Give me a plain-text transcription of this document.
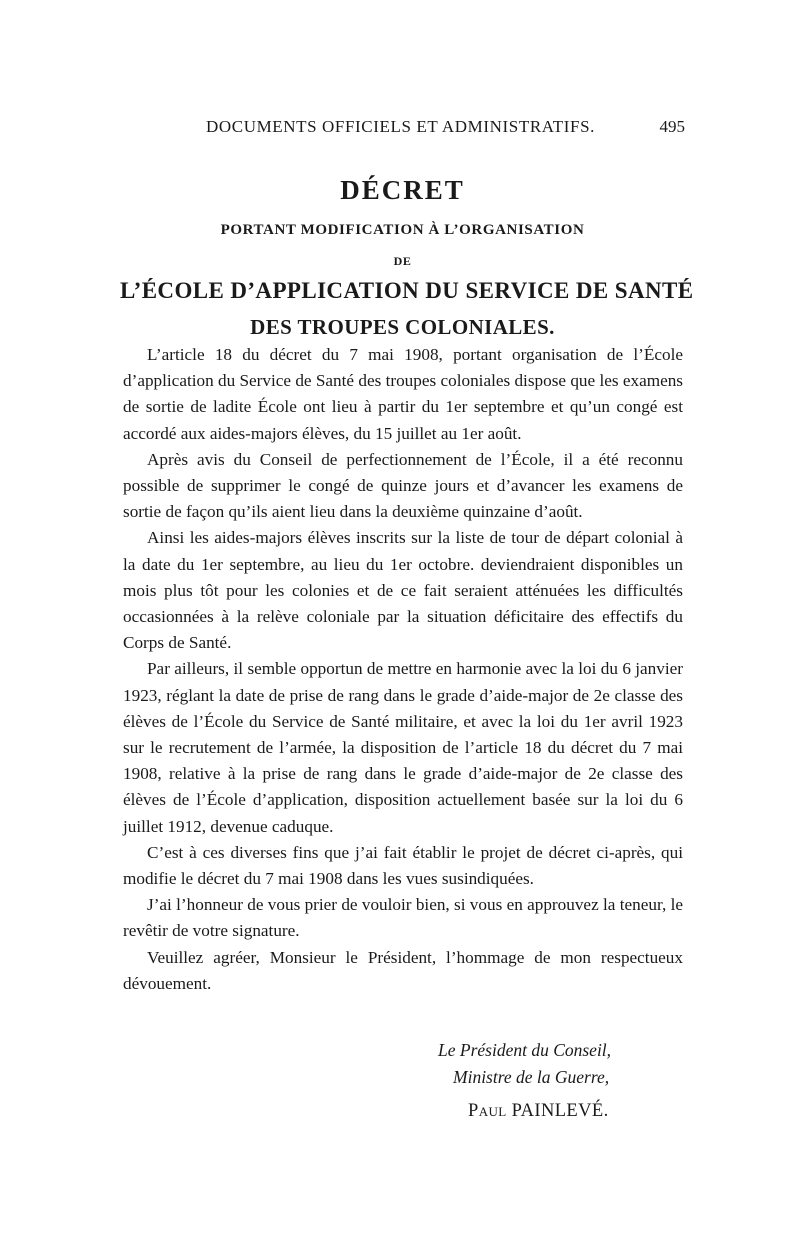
DOCUMENTS OFFICIELS ET ADMINISTRATIFS.	495
DÉCRET
PORTANT MODIFICATION À L’ORGANISATION
DE
L’ÉCOLE D’APPLICATION DU SERVICE DE SANTÉ
DES TROUPES COLONIALES.

L’article 18 du décret du 7 mai 1908, portant organisation de l’École d’application du Service de Santé des troupes coloniales dispose que les examens de sortie de ladite École ont lieu à partir du 1er septembre et qu’un congé est accordé aux aides-majors élèves, du 15 juillet au 1er août.

Après avis du Conseil de perfectionnement de l’École, il a été reconnu possible de supprimer le congé de quinze jours et d’avancer les examens de sortie de façon qu’ils aient lieu dans la deuxième quinzaine d’août.

Ainsi les aides-majors élèves inscrits sur la liste de tour de départ colonial à la date du 1er septembre, au lieu du 1er octobre. deviendraient disponibles un mois plus tôt pour les colonies et de ce fait seraient atténuées les difficultés occasionnées à la relève coloniale par la situation déficitaire des effectifs du Corps de Santé.

Par ailleurs, il semble opportun de mettre en harmonie avec la loi du 6 janvier 1923, réglant la date de prise de rang dans le grade d’aide-major de 2e classe des élèves de l’École du Service de Santé militaire, et avec la loi du 1er avril 1923 sur le recrutement de l’armée, la disposition de l’article 18 du décret du 7 mai 1908, relative à la prise de rang dans le grade d’aide-major de 2e classe des élèves de l’École d’application, disposition actuellement basée sur la loi du 6 juillet 1912, devenue caduque.

C’est à ces diverses fins que j’ai fait établir le projet de décret ci-après, qui modifie le décret du 7 mai 1908 dans les vues susindiquées.

J’ai l’honneur de vous prier de vouloir bien, si vous en approuvez la teneur, le revêtir de votre signature.

Veuillez agréer, Monsieur le Président, l’hommage de mon respectueux dévouement.

Le Président du Conseil,
Ministre de la Guerre,
Paul PAINLEVÉ.
